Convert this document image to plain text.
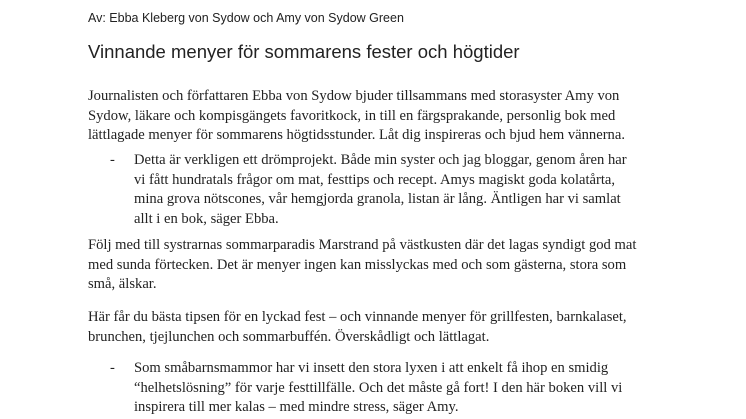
Av: Ebba Kleberg von Sydow och Amy von Sydow Green
Vinnande menyer för sommarens fester och högtider

Journalisten och författaren Ebba von Sydow bjuder tillsammans med storasyster Amy von
Sydow, läkare och kompisgängets favoritkock, in till en färgsprakande, personlig bok med
lättlagade menyer för sommarens högtidsstunder. Låt dig inspireras och bjud hem vännerna.

- Detta är verkligen ett drömprojekt. Både min syster och jag bloggar, genom åren har
vi fått hundratals frågor om mat, festtips och recept. Amys magiskt goda kolatårta,
mina grova nötscones, vår hemgjorda granola, listan är lång. Äntligen har vi samlat
allt i en bok, säger Ebba.

Följ med till systrarnas sommarparadis Marstrand på västkusten där det lagas syndigt god mat
med sunda förtecken. Det är menyer ingen kan misslyckas med och som gästerna, stora som
små, älskar.

Här får du bästa tipsen för en lyckad fest – och vinnande menyer för grillfesten, barnkalaset,
brunchen, tjejlunchen och sommarbuffén. Överskådligt och lättlagat.

- Som småbarnsmammor har vi insett den stora lyxen i att enkelt få ihop en smidig
“helhetslösning” för varje festtillfälle. Och det måste gå fort! I den här boken vill vi
inspirera till mer kalas – med mindre stress, säger Amy.
